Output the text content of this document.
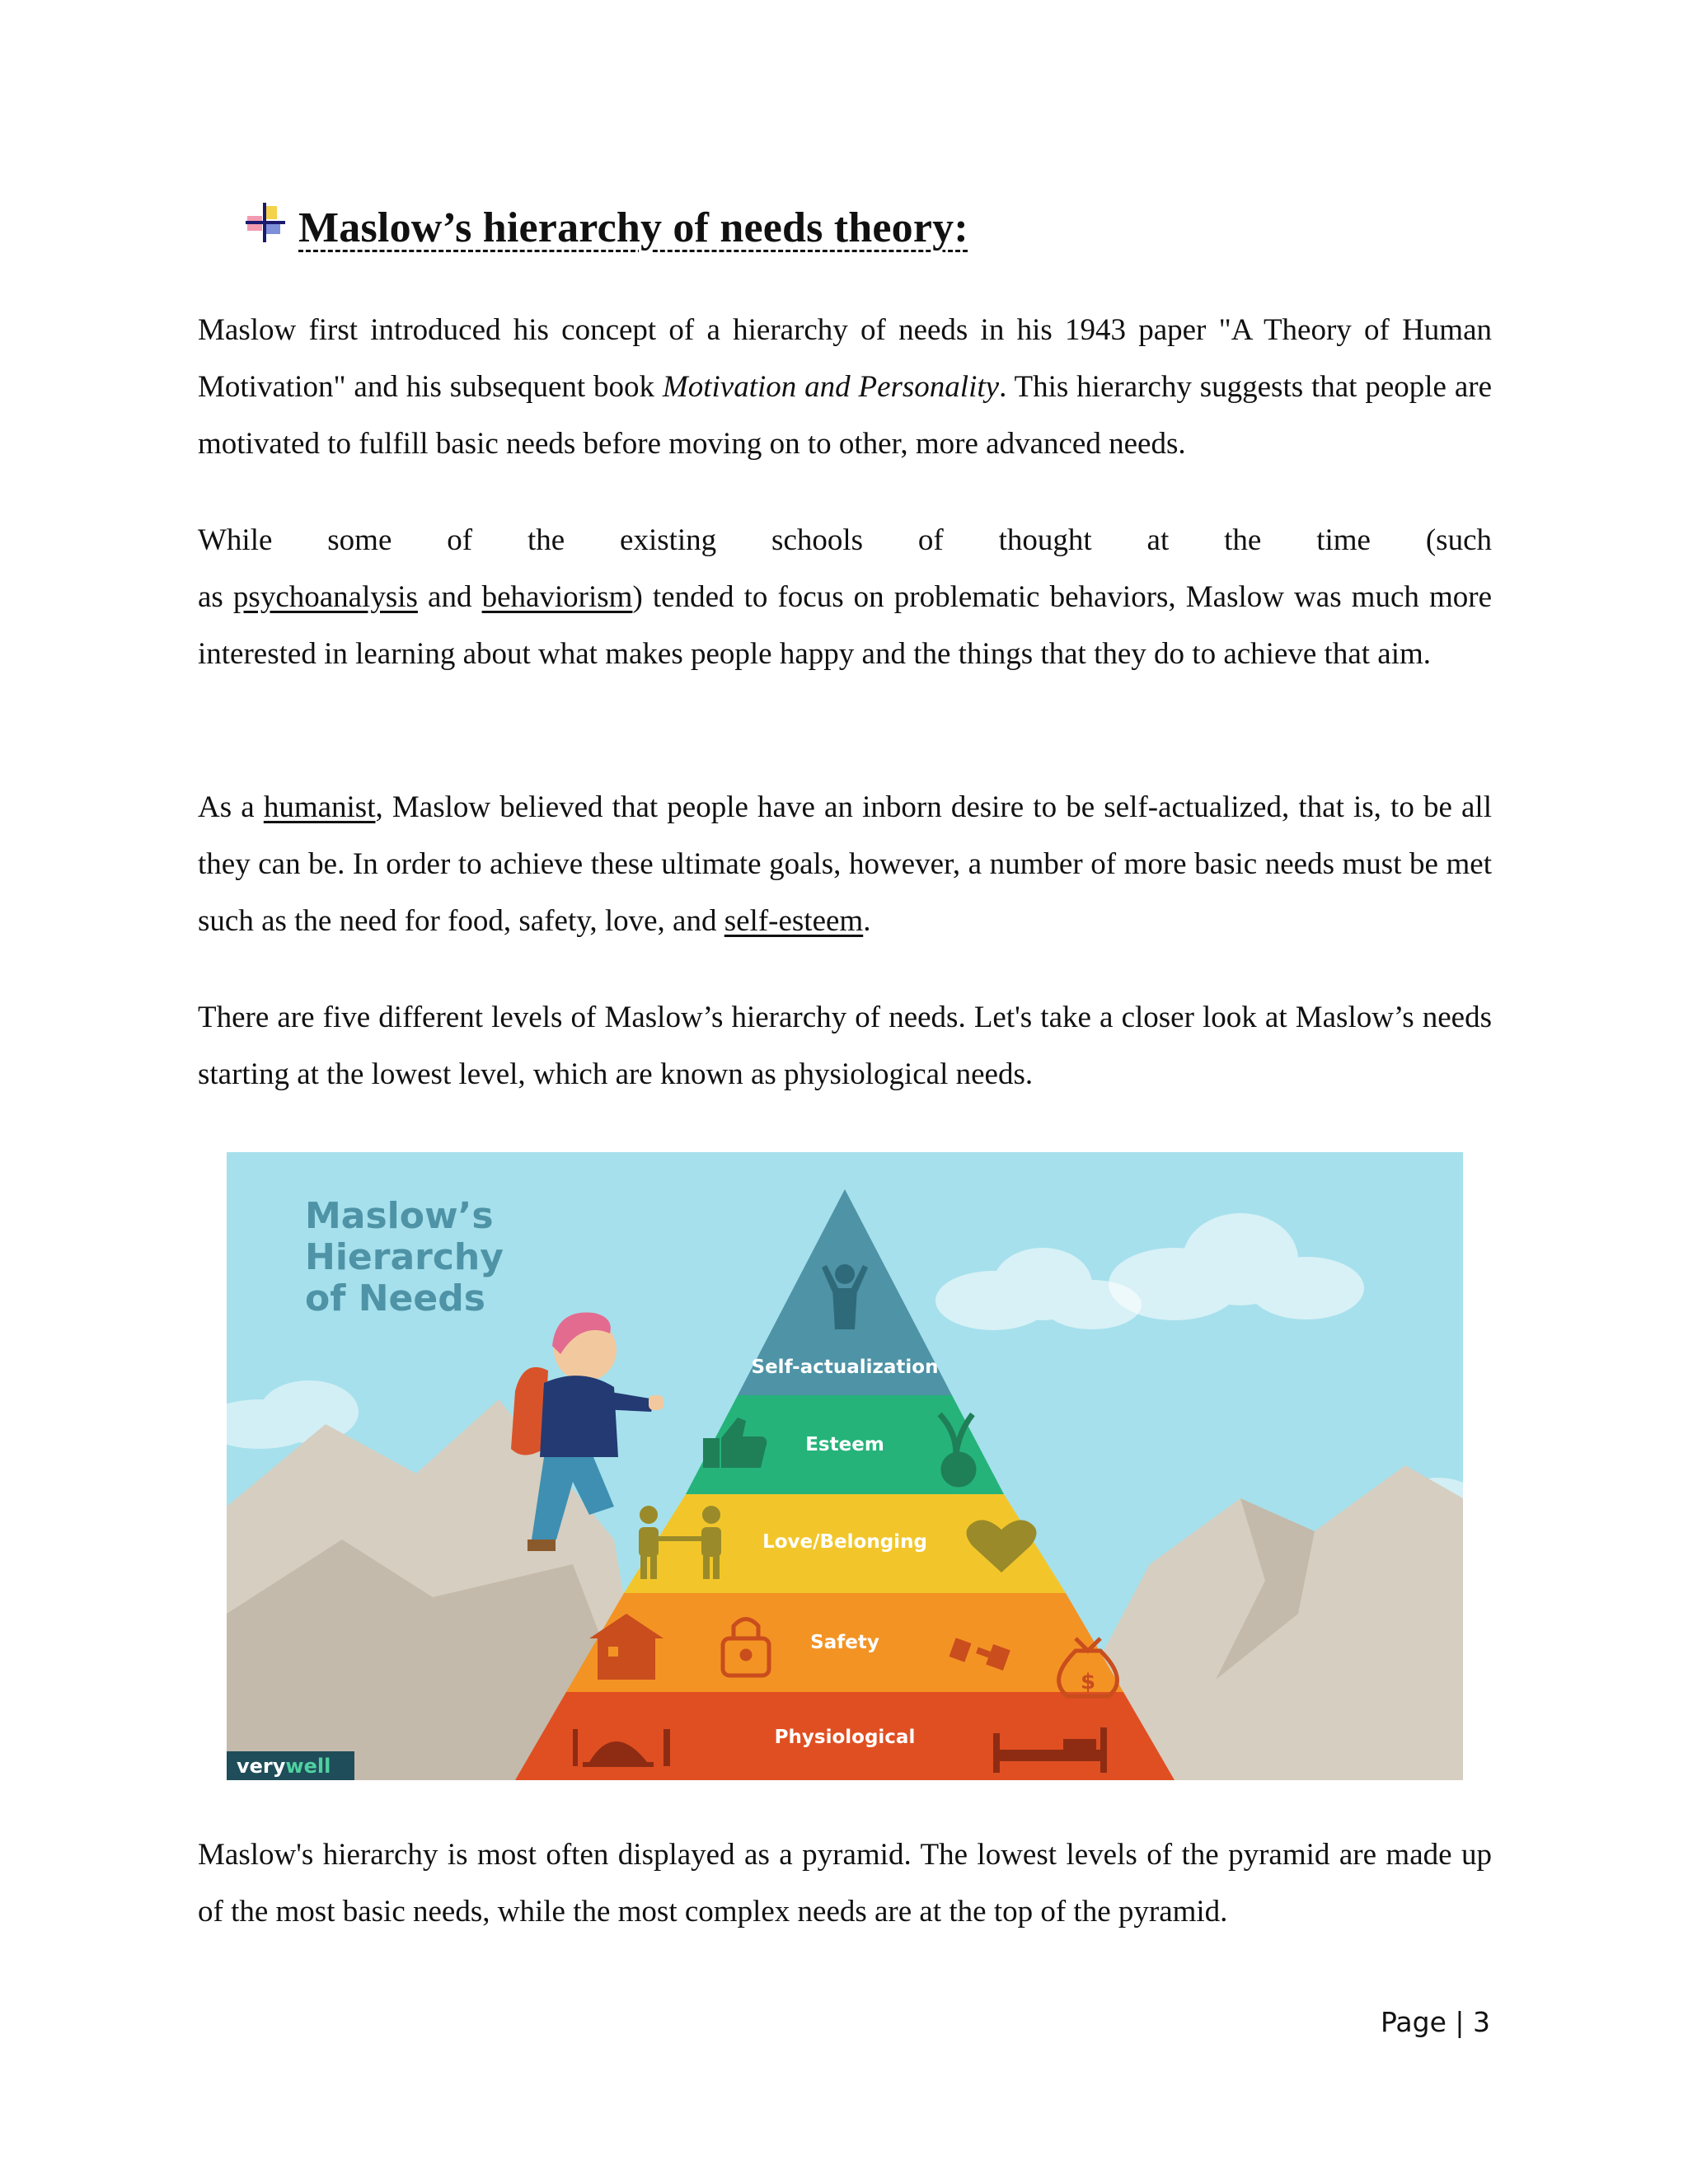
Maslow’s hierarchy of needs theory:

Maslow first introduced his concept of a hierarchy of needs in his 1943 paper "A Theory of Human Motivation" and his subsequent book Motivation and Personality. This hierarchy suggests that people are motivated to fulfill basic needs before moving on to other, more advanced needs.

While some of the existing schools of thought at the time (such
as psychoanalysis and behaviorism) tended to focus on problematic behaviors, Maslow was much more interested in learning about what makes people happy and the things that they do to achieve that aim.

As a humanist, Maslow believed that people have an inborn desire to be self-actualized, that is, to be all they can be. In order to achieve these ultimate goals, however, a number of more basic needs must be met such as the need for food, safety, love, and self-esteem.

There are five different levels of Maslow’s hierarchy of needs. Let's take a closer look at Maslow’s needs starting at the lowest level, which are known as physiological needs.

Self-actualization
Esteem
Love/Belonging
Safety
Physiological
$
Maslow’s
Hierarchy
of Needs
verywell

Maslow's hierarchy is most often displayed as a pyramid. The lowest levels of the pyramid are made up of the most basic needs, while the most complex needs are at the top of the pyramid.

Page | 3
